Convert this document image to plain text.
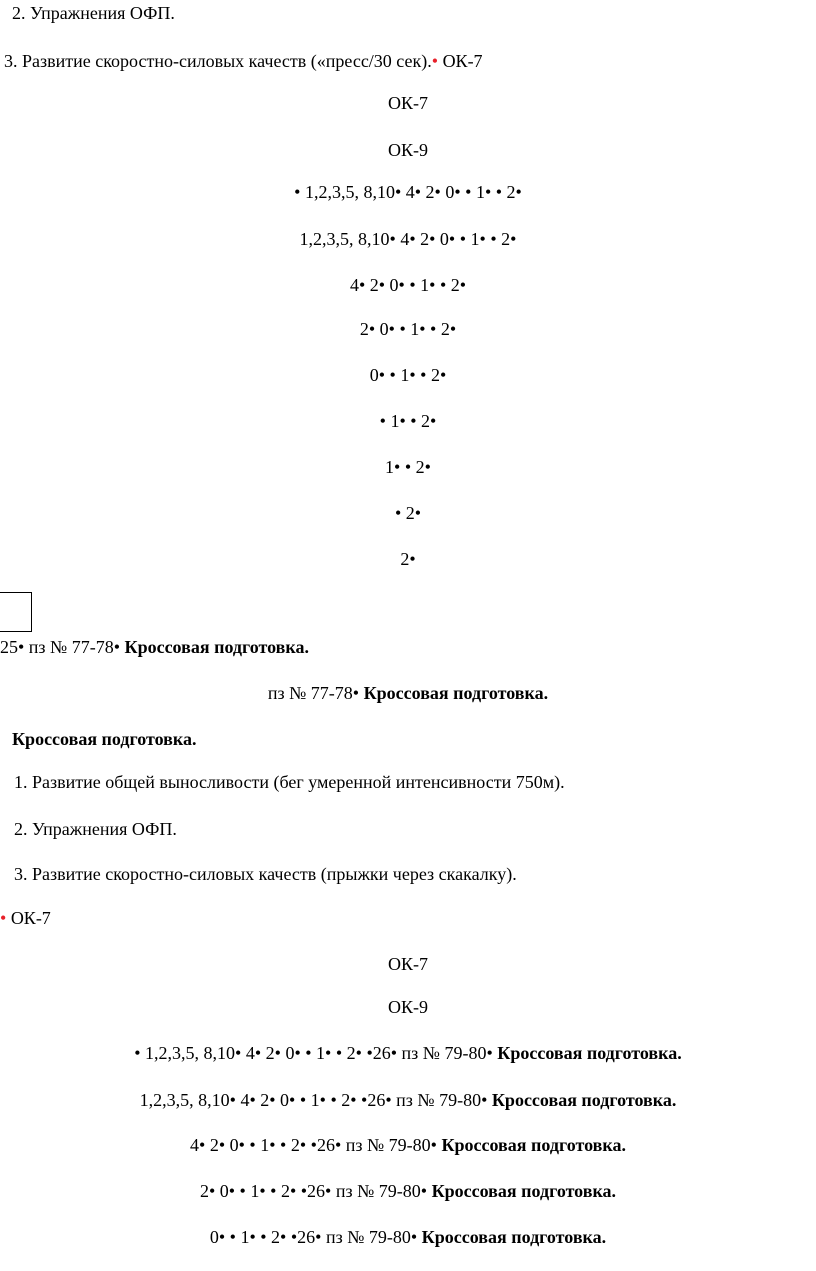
2. Упражнения ОФП.
3. Развитие скоростно-силовых качеств («пресс/30 сек).• ОК-7
ОК-7
ОК-9
• 1,2,3,5, 8,10• 4• 2• 0• • 1• • 2•
1,2,3,5, 8,10• 4• 2• 0• • 1• • 2•
4• 2• 0• • 1• • 2•
2• 0• • 1• • 2•
0• • 1• • 2•
• 1• • 2•
1• • 2•
• 2•
2•
25• пз № 77-78• Кроссовая подготовка.
пз № 77-78• Кроссовая подготовка.
Кроссовая подготовка.
1. Развитие общей выносливости (бег умеренной интенсивности 750м).
2. Упражнения ОФП.
3. Развитие скоростно-силовых качеств (прыжки через скакалку).
• ОК-7
ОК-7
ОК-9
• 1,2,3,5, 8,10• 4• 2• 0• • 1• • 2• •26• пз № 79-80• Кроссовая подготовка.
1,2,3,5, 8,10• 4• 2• 0• • 1• • 2• •26• пз № 79-80• Кроссовая подготовка.
4• 2• 0• • 1• • 2• •26• пз № 79-80• Кроссовая подготовка.
2• 0• • 1• • 2• •26• пз № 79-80• Кроссовая подготовка.
0• • 1• • 2• •26• пз № 79-80• Кроссовая подготовка.
